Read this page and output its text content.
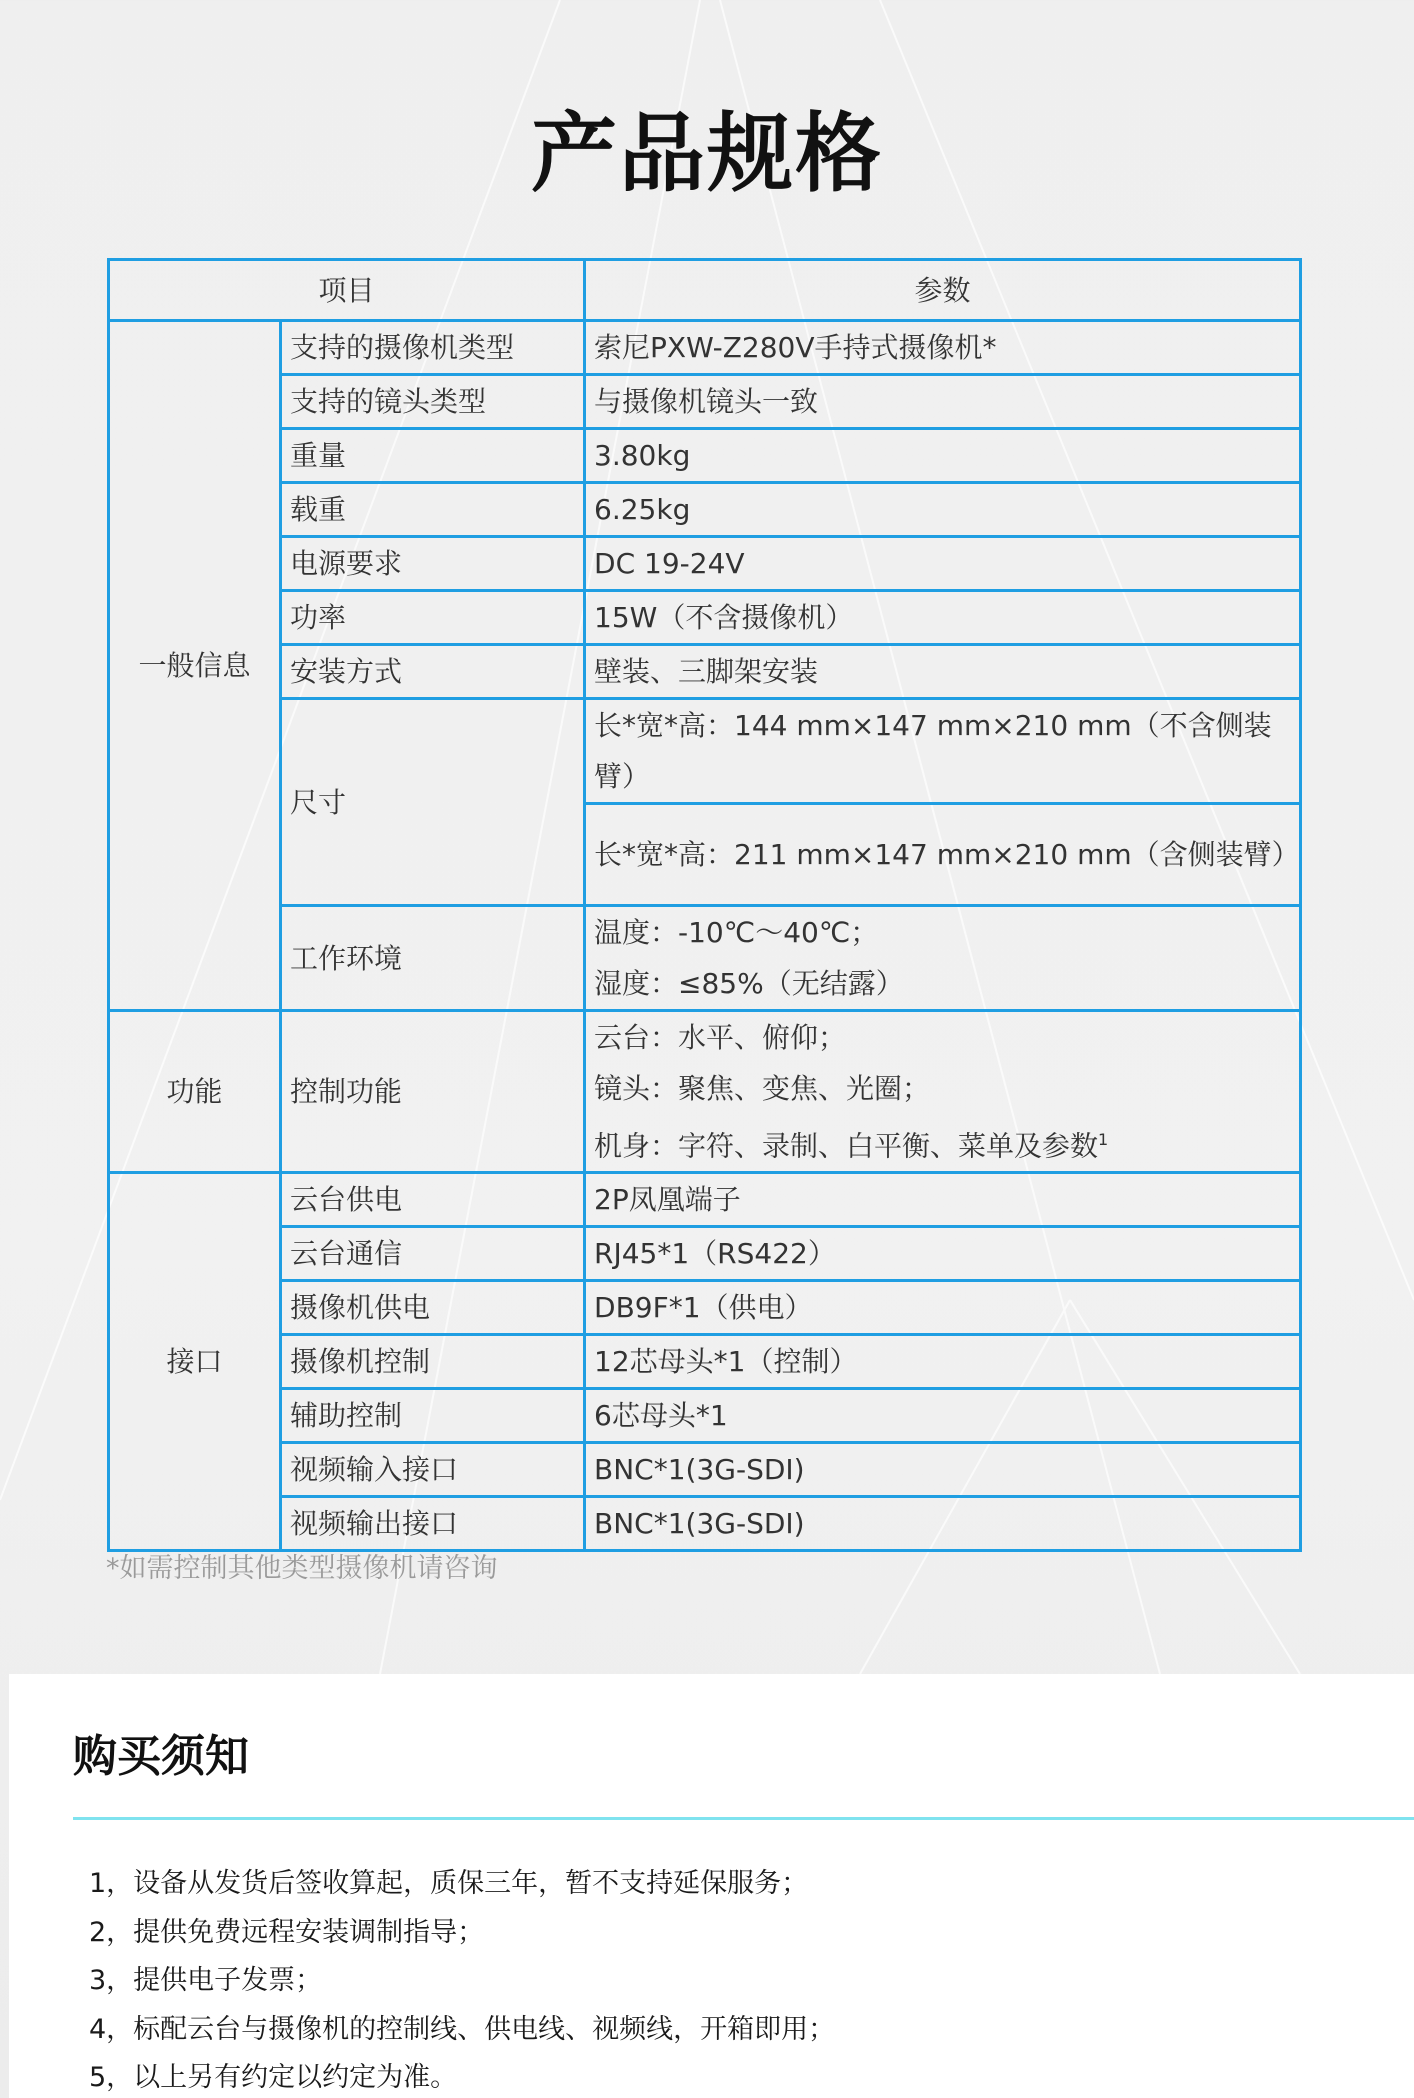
产品规格
项目		参数
一般信息	支持的摄像机类型	索尼PXW-Z280V手持式摄像机*
	支持的镜头类型	与摄像机镜头一致
	重量	3.80kg
	载重	6.25kg
	电源要求	DC 19-24V
	功率	15W（不含摄像机）
	安装方式	壁装、三脚架安装
	尺寸	长*宽*高：144 mm×147 mm×210 mm（不含侧装臂）
		长*宽*高：211 mm×147 mm×210 mm（含侧装臂）
	工作环境	温度：-10℃～40℃；
湿度：≤85%（无结露）

功能	控制功能	云台：水平、俯仰；
镜头：聚焦、变焦、光圈；
机身：字符、录制、白平衡、菜单及参数$^1$

接口	云台供电	2P凤凰端子
	云台通信	RJ45*1（RS422）
	摄像机供电	DB9F*1（供电）
	摄像机控制	12芯母头*1（控制）
	辅助控制	6芯母头*1
	视频输入接口	BNC*1(3G-SDI)
	视频输出接口	BNC*1(3G-SDI)
*如需控制其他类型摄像机请咨询
购买须知
1，设备从发货后签收算起，质保三年，暂不支持延保服务；
2，提供免费远程安装调制指导；
3，提供电子发票；
4，标配云台与摄像机的控制线、供电线、视频线，开箱即用；
5，以上另有约定以约定为准。
